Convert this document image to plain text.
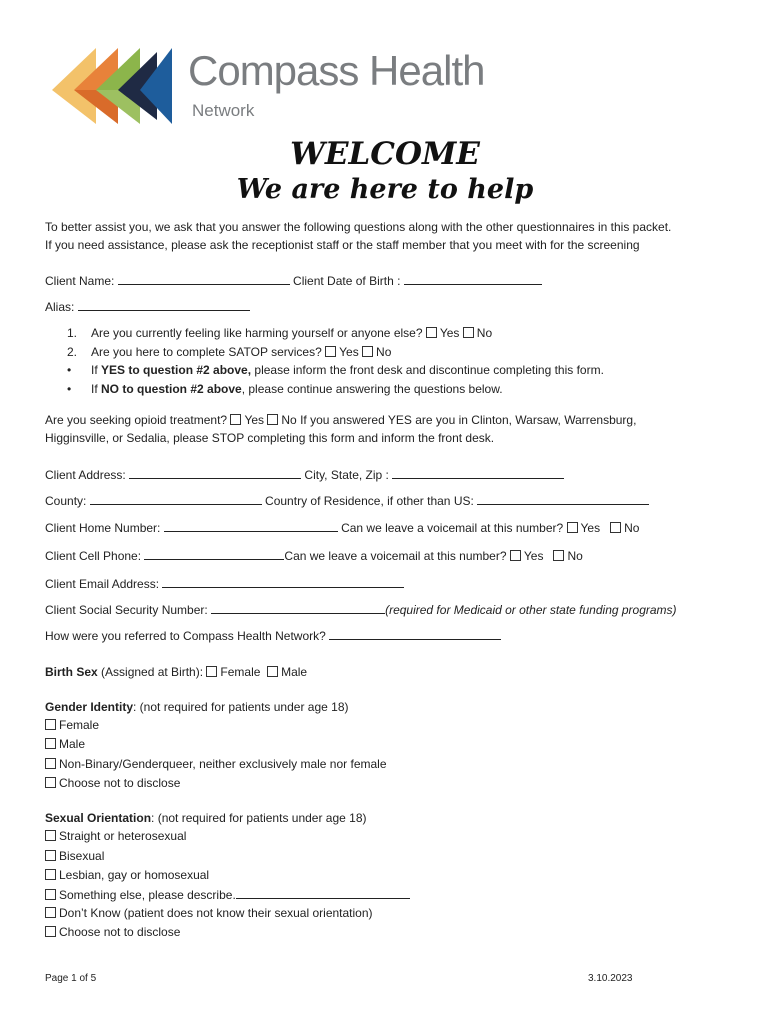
Compass Health
Network
WELCOME
We are here to help
To better assist you, we ask that you answer the following questions along with the other questionnaires in this packet.
If you need assistance, please ask the receptionist staff or the staff member that you meet with for the screening
Client Name:	Client Date of Birth :
Alias:
1. Are you currently feeling like harming yourself or anyone else? Yes No
2. Are you here to complete SATOP services? Yes No
•If YES to question #2 above, please inform the front desk and discontinue completing this form.
•If NO to question #2 above, please continue answering the questions below.
Are you seeking opioid treatment? Yes No If you answered YES are you in Clinton, Warsaw, Warrensburg,
Higginsville, or Sedalia, please STOP completing this form and inform the front desk.
Client Address:	City, State, Zip :
County:	Country of Residence, if other than US:
Client Home Number:	Can we leave a voicemail at this number? Yes No
Client Cell Phone:	Can we leave a voicemail at this number? Yes No
Client Email Address:
Client Social Security Number:	(required for Medicaid or other state funding programs)
How were you referred to Compass Health Network?
Birth Sex (Assigned at Birth): Female Male
Gender Identity: (not required for patients under age 18)
Female
Male
Non-Binary/Genderqueer, neither exclusively male nor female
Choose not to disclose
Sexual Orientation: (not required for patients under age 18)
Straight or heterosexual
Bisexual
Lesbian, gay or homosexual
Something else, please describe.
Don’t Know (patient does not know their sexual orientation)
Choose not to disclose
Page 1 of 5	3.10.2023
